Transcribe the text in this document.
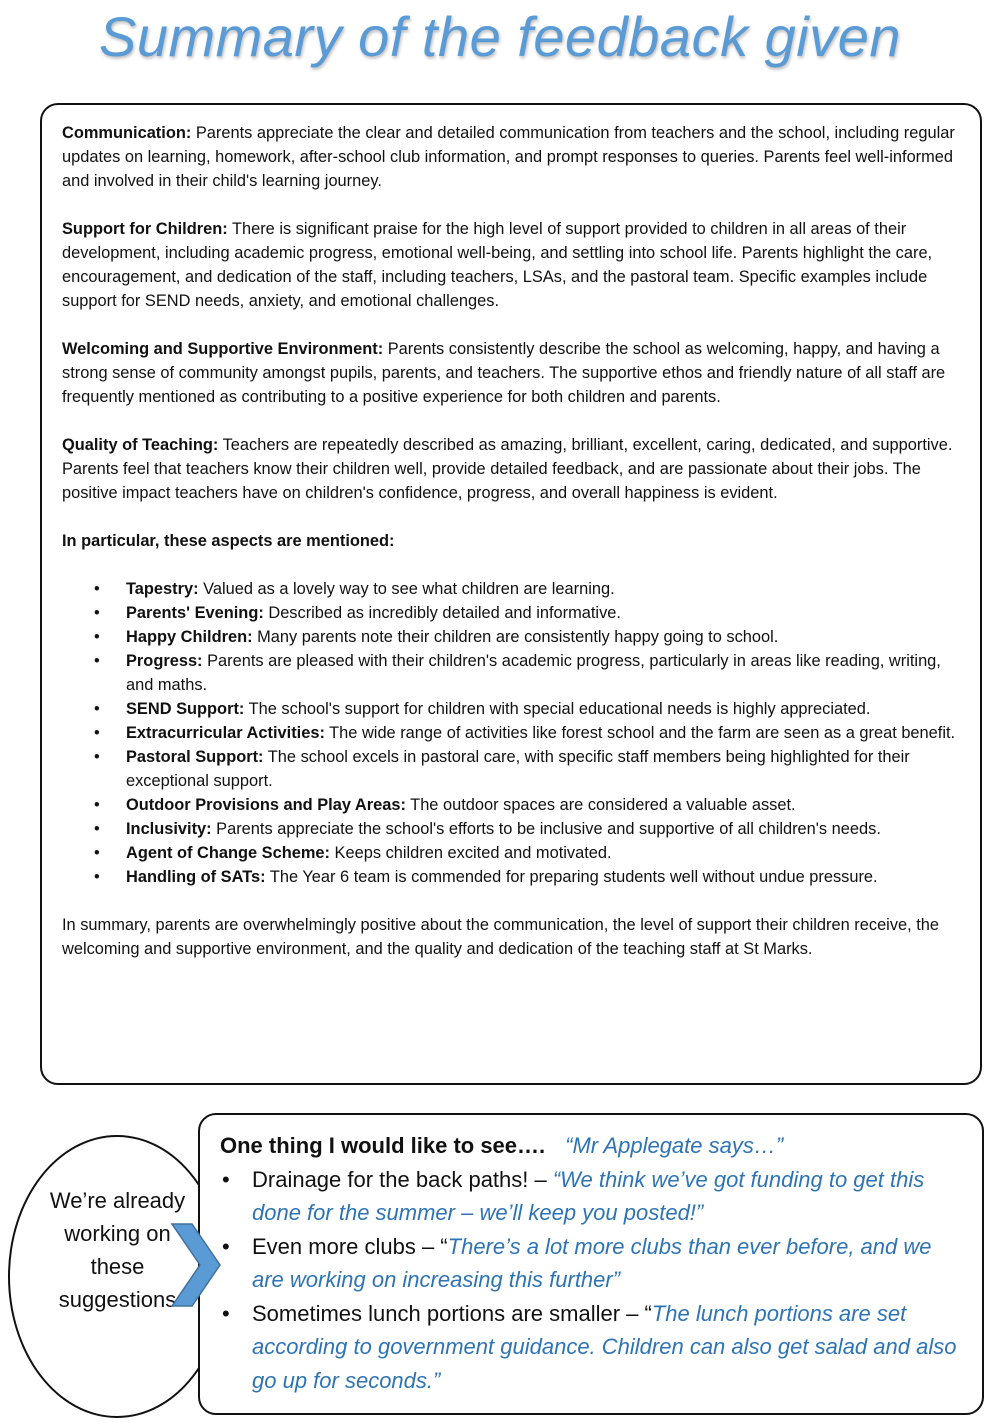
Summary of the feedback given

Communication: Parents appreciate the clear and detailed communication from teachers and the school, including regular updates on learning, homework, after-school club information, and prompt responses to queries. Parents feel well-informed and involved in their child's learning journey.

Support for Children: There is significant praise for the high level of support provided to children in all areas of their development, including academic progress, emotional well-being, and settling into school life. Parents highlight the care, encouragement, and dedication of the staff, including teachers, LSAs, and the pastoral team. Specific examples include support for SEND needs, anxiety, and emotional challenges.

Welcoming and Supportive Environment: Parents consistently describe the school as welcoming, happy, and having a strong sense of community amongst pupils, parents, and teachers. The supportive ethos and friendly nature of all staff are frequently mentioned as contributing to a positive experience for both children and parents.

Quality of Teaching: Teachers are repeatedly described as amazing, brilliant, excellent, caring, dedicated, and supportive. Parents feel that teachers know their children well, provide detailed feedback, and are passionate about their jobs. The positive impact teachers have on children's confidence, progress, and overall happiness is evident.

In particular, these aspects are mentioned:

• Tapestry: Valued as a lovely way to see what children are learning.
• Parents' Evening: Described as incredibly detailed and informative.
• Happy Children: Many parents note their children are consistently happy going to school.
• Progress: Parents are pleased with their children's academic progress, particularly in areas like reading, writing, and maths.
• SEND Support: The school's support for children with special educational needs is highly appreciated.
• Extracurricular Activities: The wide range of activities like forest school and the farm are seen as a great benefit.
• Pastoral Support: The school excels in pastoral care, with specific staff members being highlighted for their exceptional support.
• Outdoor Provisions and Play Areas: The outdoor spaces are considered a valuable asset.
• Inclusivity: Parents appreciate the school's efforts to be inclusive and supportive of all children's needs.
• Agent of Change Scheme: Keeps children excited and motivated.
• Handling of SATs: The Year 6 team is commended for preparing students well without undue pressure.

In summary, parents are overwhelmingly positive about the communication, the level of support their children receive, the welcoming and supportive environment, and the quality and dedication of the teaching staff at St Marks.

We’re already working on these suggestions
One thing I would like to see…. “Mr Applegate says…”
• Drainage for the back paths! – “We think we’ve got funding to get this done for the summer – we’ll keep you posted!”
• Even more clubs – “There’s a lot more clubs than ever before, and we are working on increasing this further”
• Sometimes lunch portions are smaller – “The lunch portions are set according to government guidance. Children can also get salad and also go up for seconds.”
